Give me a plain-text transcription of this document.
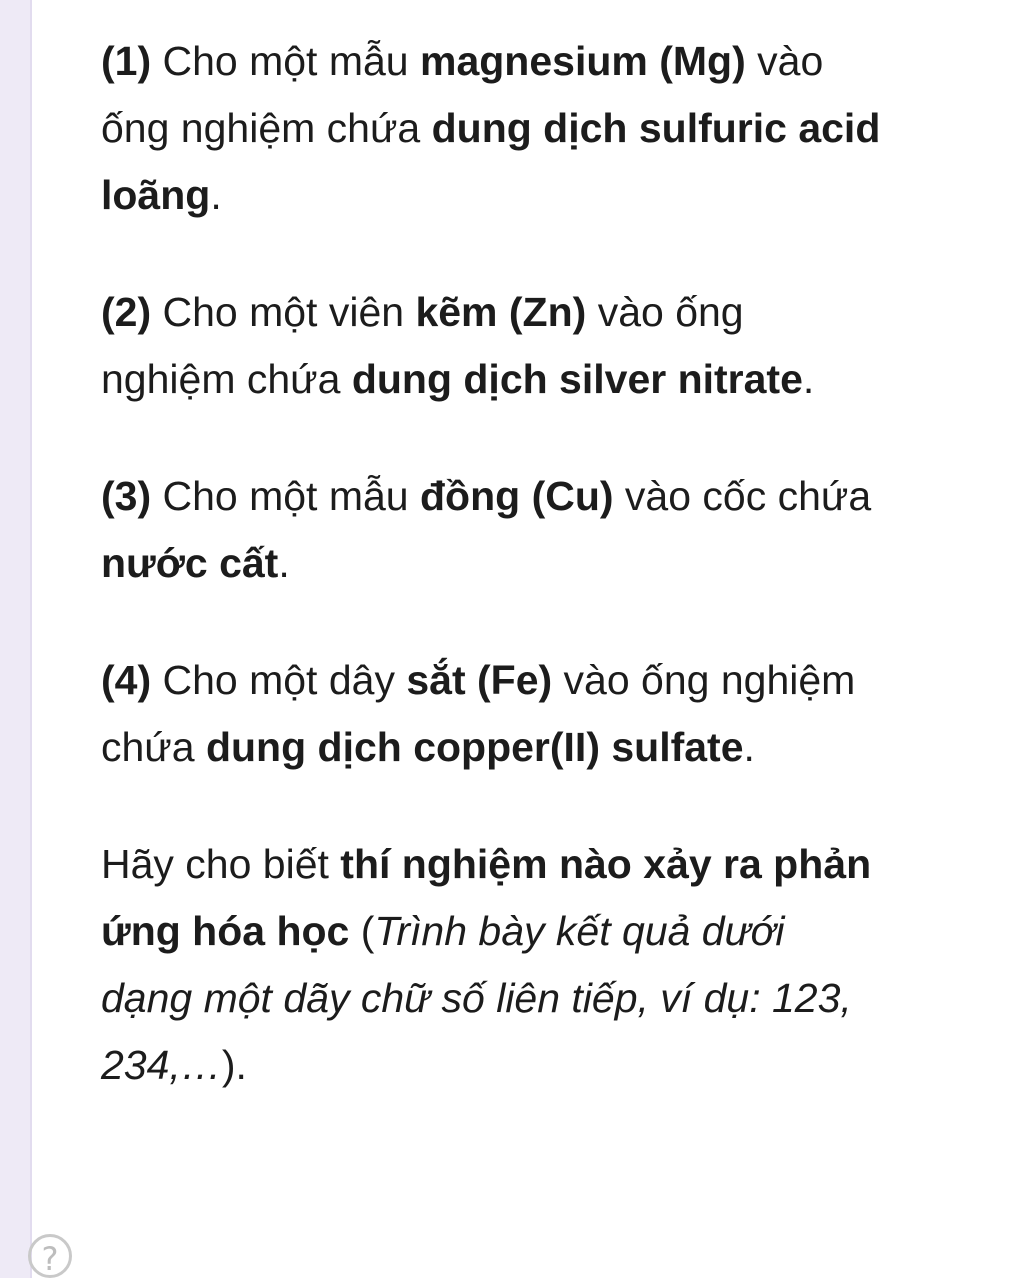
(1) Cho một mẫu magnesium (Mg) vào ống nghiệm chứa dung dịch sulfuric acid loãng.

(2) Cho một viên kẽm (Zn) vào ống nghiệm chứa dung dịch silver nitrate.

(3) Cho một mẫu đồng (Cu) vào cốc chứa nước cất.

(4) Cho một dây sắt (Fe) vào ống nghiệm chứa dung dịch copper(II) sulfate.

Hãy cho biết thí nghiệm nào xảy ra phản ứng hóa học (Trình bày kết quả dưới dạng một dãy chữ số liên tiếp, ví dụ: 123, 234,…).

?
